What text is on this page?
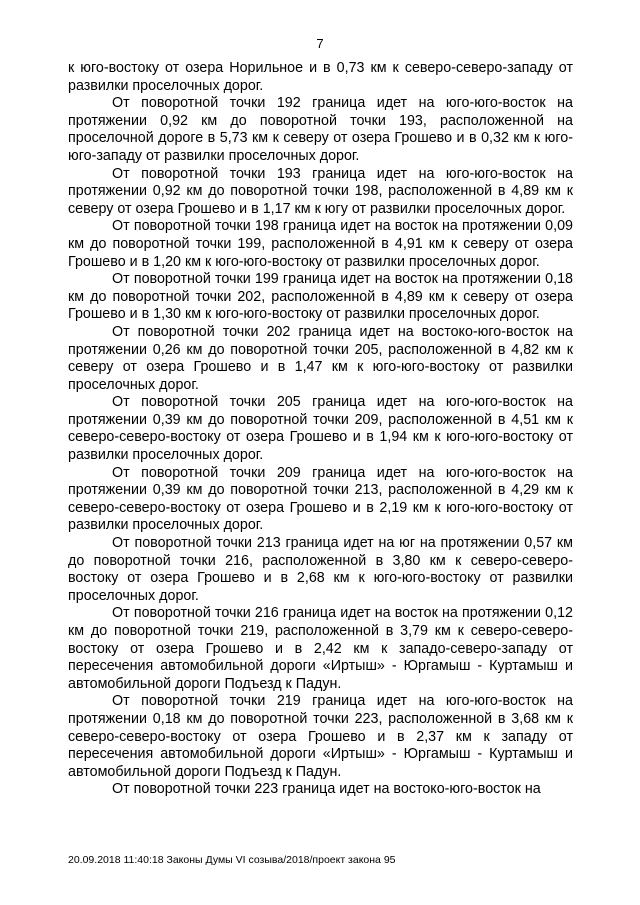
7

к юго-востоку от озера Норильное и в 0,73 км к северо-северо-западу от развилки проселочных дорог.

От поворотной точки 192 граница идет на юго-юго-восток на протяжении 0,92 км до поворотной точки 193, расположенной на проселочной дороге в 5,73 км к северу от озера Грошево и в 0,32 км к юго-юго-западу от развилки проселочных дорог.

От поворотной точки 193 граница идет на юго-юго-восток на протяжении 0,92 км до поворотной точки 198, расположенной в 4,89 км к северу от озера Грошево и в 1,17 км к югу от развилки проселочных дорог.

От поворотной точки 198 граница идет на восток на протяжении 0,09 км до поворотной точки 199, расположенной в 4,91 км к северу от озера Грошево и в 1,20 км к юго-юго-востоку от развилки проселочных дорог.

От поворотной точки 199 граница идет на восток на протяжении 0,18 км до поворотной точки 202, расположенной в 4,89 км к северу от озера Грошево и в 1,30 км к юго-юго-востоку от развилки проселочных дорог.

От поворотной точки 202 граница идет на востоко-юго-восток на протяжении 0,26 км до поворотной точки 205, расположенной в 4,82 км к северу от озера Грошево и в 1,47 км к юго-юго-востоку от развилки проселочных дорог.

От поворотной точки 205 граница идет на юго-юго-восток на протяжении 0,39 км до поворотной точки 209, расположенной в 4,51 км к северо-северо-востоку от озера Грошево и в 1,94 км к юго-юго-востоку от развилки проселочных дорог.

От поворотной точки 209 граница идет на юго-юго-восток на протяжении 0,39 км до поворотной точки 213, расположенной в 4,29 км к северо-северо-востоку от озера Грошево и в 2,19 км к юго-юго-востоку от развилки проселочных дорог.

От поворотной точки 213 граница идет на юг на протяжении 0,57 км до поворотной точки 216, расположенной в 3,80 км к северо-северо-востоку от озера Грошево и в 2,68 км к юго-юго-востоку от развилки проселочных дорог.

От поворотной точки 216 граница идет на восток на протяжении 0,12 км до поворотной точки 219, расположенной в 3,79 км к северо-северо-востоку от озера Грошево и в 2,42 км к западо-северо-западу от пересечения автомобильной дороги «Иртыш» - Юргамыш - Куртамыш и автомобильной дороги Подъезд к Падун.

От поворотной точки 219 граница идет на юго-юго-восток на протяжении 0,18 км до поворотной точки 223, расположенной в 3,68 км к северо-северо-востоку от озера Грошево и в 2,37 км к западу от пересечения автомобильной дороги «Иртыш» - Юргамыш - Куртамыш и автомобильной дороги Подъезд к Падун.

От поворотной точки 223 граница идет на востоко-юго-восток на

20.09.2018 11:40:18 Законы Думы VI созыва/2018/проект закона 95
